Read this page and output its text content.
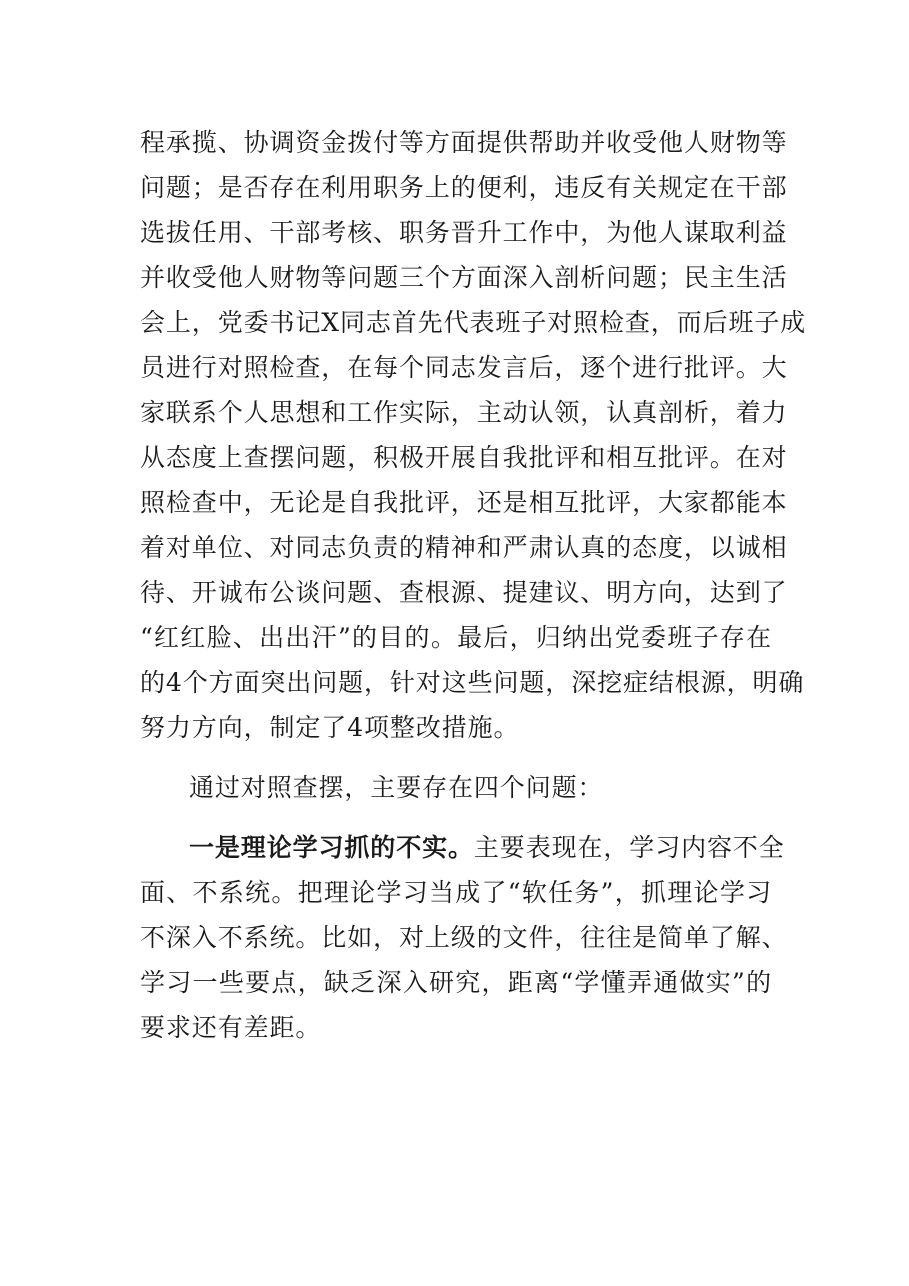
程承揽、协调资金拨付等方面提供帮助并收受他人财物等
问题；是否存在利用职务上的便利，违反有关规定在干部
选拔任用、干部考核、职务晋升工作中，为他人谋取利益
并收受他人财物等问题三个方面深入剖析问题；民主生活
会上，党委书记X同志首先代表班子对照检查，而后班子成
员进行对照检查，在每个同志发言后，逐个进行批评。大
家联系个人思想和工作实际，主动认领，认真剖析，着力
从态度上查摆问题，积极开展自我批评和相互批评。在对
照检查中，无论是自我批评，还是相互批评，大家都能本
着对单位、对同志负责的精神和严肃认真的态度，以诚相
待、开诚布公谈问题、查根源、提建议、明方向，达到了
“红红脸、出出汗”的目的。最后，归纳出党委班子存在
的4个方面突出问题，针对这些问题，深挖症结根源，明确
努力方向，制定了4项整改措施。
通过对照查摆，主要存在四个问题：
一是理论学习抓的不实。主要表现在，学习内容不全
面、不系统。把理论学习当成了“软任务”，抓理论学习
不深入不系统。比如，对上级的文件，往往是简单了解、
学习一些要点，缺乏深入研究，距离“学懂弄通做实”的
要求还有差距。
